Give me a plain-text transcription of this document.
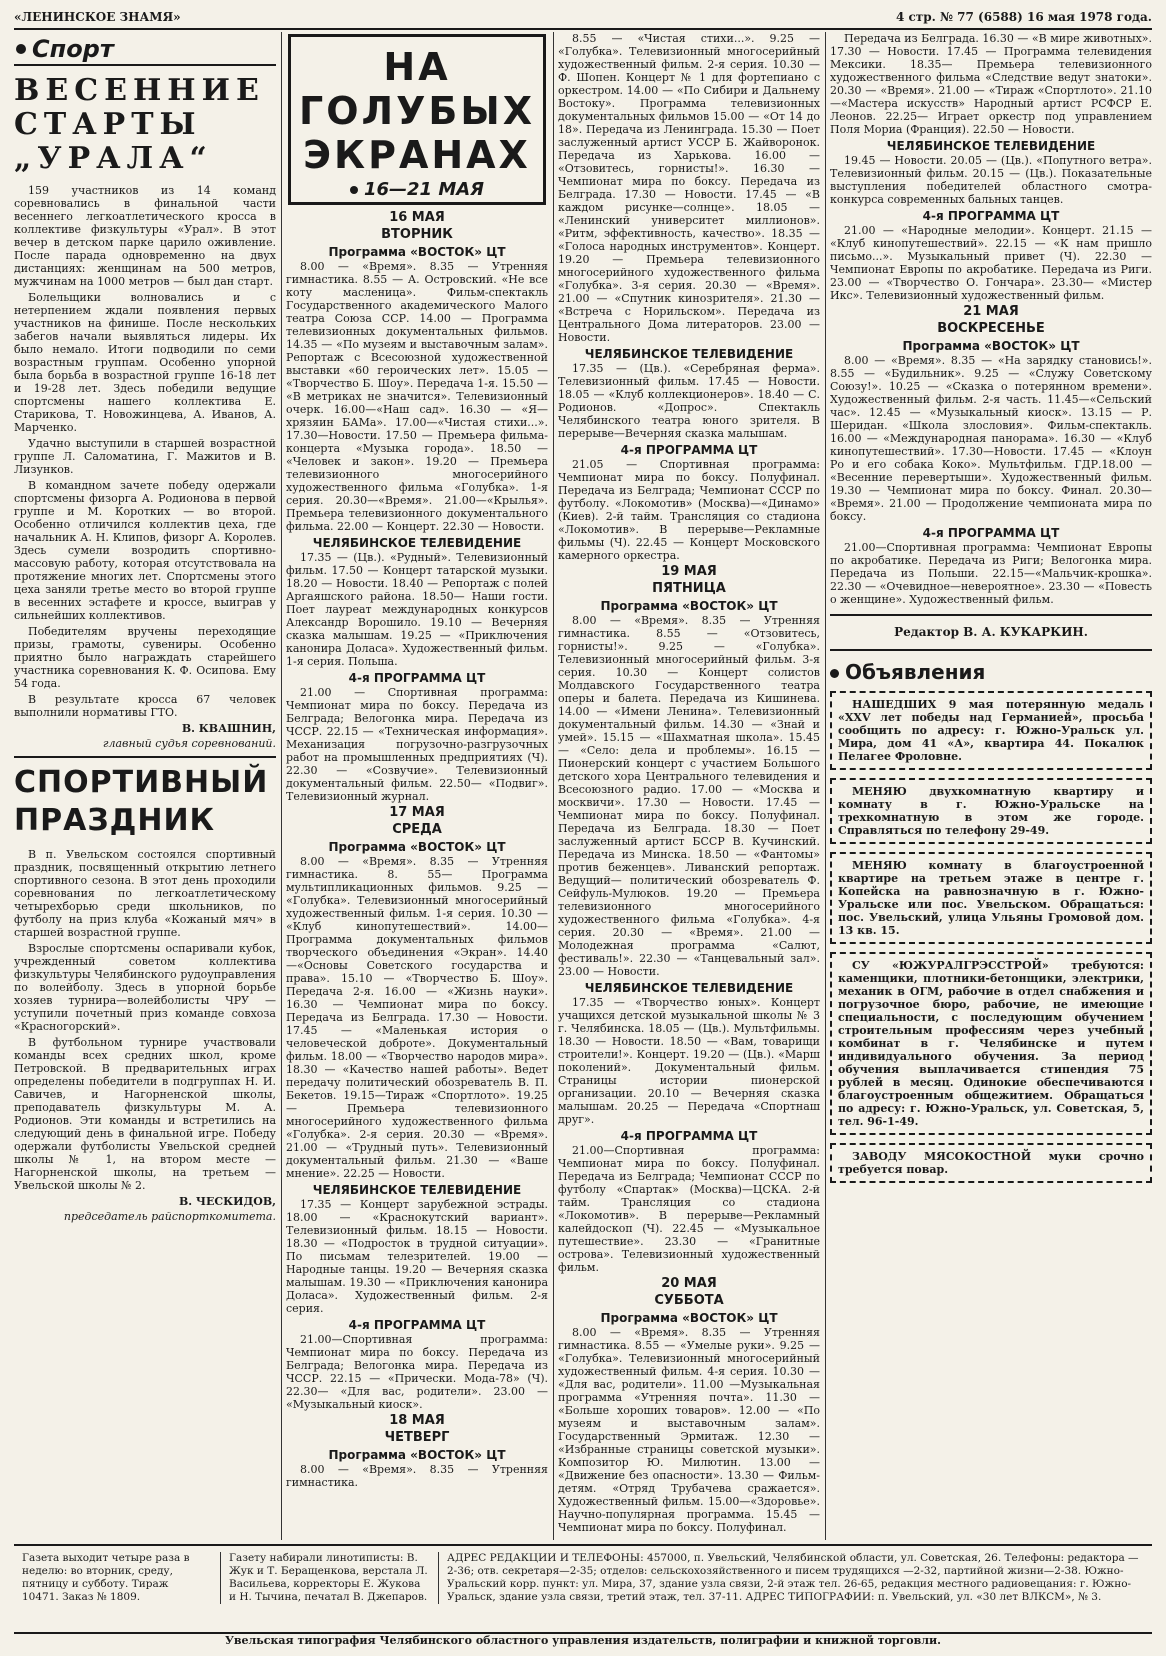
«ЛЕНИНСКОЕ ЗНАМЯ»	4 стр. № 77 (6588) 16 мая 1978 года.
Спорт
ВЕСЕННИЕ СТАРТЫ „УРАЛА“

159 участников из 14 команд соревновались в финальной части весеннего легкоатлетического кросса в коллективе физкультуры «Урал». В этот вечер в детском парке царило оживление. После парада одновременно на двух дистанциях: женщинам на 500 метров, мужчинам на 1000 метров — был дан старт.

Болельщики волновались и с нетерпением ждали появления первых участников на финише. После нескольких забегов начали выявляться лидеры. Их было немало. Итоги подводили по семи возрастным группам. Особенно упорной была борьба в возрастной группе 16-18 лет и 19-28 лет. Здесь победили ведущие спортсмены нашего коллектива Е. Стариковa, Т. Новожинцева, А. Иванов, А. Марченко.

Удачно выступили в старшей возрастной группе Л. Саломатина, Г. Мажитов и В. Лизунков.

В командном зачете победу одержали спортсмены физорга А. Родионова в первой группе и М. Коротких — во второй. Особенно отличился коллектив цеха, где начальник А. Н. Клипов, физорг А. Королев. Здесь сумели возродить спортивно-массовую работу, которая отсутствовала на протяжение многих лет. Спортсмены этого цеха заняли третье место во второй группе в весенних эстафете и кроссе, выиграв у сильнейших коллективов.

Победителям вручены переходящие призы, грамоты, сувениры. Особенно приятно было награждать старейшего участника соревнования К. Ф. Осипова. Ему 54 года.

В результате кросса 67 человек выполнили нормативы ГТО.

В. КВАШНИН,
главный судья соревнований.
СПОРТИВНЫЙ ПРАЗДНИК

В п. Увельском состоялся спортивный праздник, посвященный открытию летнего спортивного сезона. В этот день проходили соревнования по легкоатлетическому четырехборью среди школьников, по футболу на приз клуба «Кожаный мяч» в старшей возрастной группе.

Взрослые спортсмены оспаривали кубок, учрежденный советом коллектива физкультуры Челябинского рудоуправления по волейболу. Здесь в упорной борьбе хозяев турнира—волейболисты ЧРУ — уступили почетный приз команде совхоза «Красногорский».

В футбольном турнире участвовали команды всех средних школ, кроме Петровской. В предварительных играх определены победители в подгруппах Н. И. Савичев, и Нагорненской школы, преподаватель физкультуры М. А. Родионов. Эти команды и встретились на следующий день в финальной игре. Победу одержали футболисты Увельской средней школы № 1, на втором месте — Нагорненской школы, на третьем — Увельской школы № 2.

В. ЧЕСКИДОВ,
председатель райспорткомитета.
НА
ГОЛУБЫХ
ЭКРАНАХ
16—21 МАЯ
16 МАЯ
ВТОРНИК
Программа «ВОСТОК» ЦТ

8.00 — «Время». 8.35 — Утренняя гимнастика. 8.55 — А. Островский. «Не все коту масленица». Фильм-спектакль Государственного академического Малого театра Союза ССР. 14.00 — Программа телевизионных документальных фильмов. 14.35 — «По музеям и выставочным залам». Репортаж с Всесоюзной художественной выставки «60 героических лет». 15.05 — «Творчество Б. Шоу». Передача 1-я. 15.50 — «В метриках не значится». Телевизионный очерк. 16.00—«Наш сад». 16.30 — «Я—хрязяин БАМа». 17.00—«Чистая стихи...». 17.30—Новости. 17.50 — Премьера фильма-концерта «Музыка города». 18.50 — «Человек и закон». 19.20 — Премьера телевизионного многосерийного художественного фильма «Голубка». 1-я серия. 20.30—«Время». 21.00—«Крылья». Премьера телевизионного документального фильма. 22.00 — Концерт. 22.30 — Новости.

ЧЕЛЯБИНСКОЕ ТЕЛЕВИДЕНИЕ

17.35 — (Цв.). «Рудный». Телевизионный фильм. 17.50 — Концерт татарской музыки. 18.20 — Новости. 18.40 — Репортаж с полей Аргаяшского района. 18.50— Наши гости. Поет лауреат международных конкурсов Александр Ворошило. 19.10 — Вечерняя сказка малышам. 19.25 — «Приключения канонира Доласа». Художественный фильм. 1-я серия. Польша.

4-я ПРОГРАММА ЦТ

21.00 — Спортивная программа: Чемпионат мира по боксу. Передача из Белграда; Велогонка мира. Передача из ЧССР. 22.15 — «Техническая информация». Механизация погрузочно-разгрузочных работ на промышленных предприятиях (Ч). 22.30 — «Созвучие». Телевизионный документальный фильм. 22.50— «Подвиг». Телевизионный журнал.

17 МАЯ
СРЕДА
Программа «ВОСТОК» ЦТ

8.00 — «Время». 8.35 — Утренняя гимнастика. 8. 55— Программа мультипликационных фильмов. 9.25 — «Голубка». Телевизионный многосерийный художественный фильм. 1-я серия. 10.30 — «Клуб кинопутешествий». 14.00—Программа документальных фильмов творческого объединения «Экран». 14.40—«Основы Советского государства и права». 15.10 — «Творчество Б. Шоу». Передача 2-я. 16.00 — «Жизнь науки». 16.30 — Чемпионат мира по боксу. Передача из Белграда. 17.30 — Новости. 17.45 — «Маленькая история о человеческой доброте». Документальный фильм. 18.00 — «Творчество народов мира». 18.30 — «Качество нашей работы». Ведет передачу политический обозреватель В. П. Бекетов. 19.15—Тираж «Спортлото». 19.25 — Премьера телевизионного многосерийного художественного фильма «Голубка». 2-я серия. 20.30 — «Время». 21.00 — «Трудный путь». Телевизионный документальный фильм. 21.30 — «Ваше мнение». 22.25 — Новости.

ЧЕЛЯБИНСКОЕ ТЕЛЕВИДЕНИЕ

17.35 — Концерт зарубежной эстрады. 18.00 — «Краснокутский вариант». Телевизионный фильм. 18.15 — Новости. 18.30 — «Подросток в трудной ситуации». По письмам телезрителей. 19.00 — Народные танцы. 19.20 — Вечерняя сказка малышам. 19.30 — «Приключения канонира Доласа». Художественный фильм. 2-я серия.

4-я ПРОГРАММА ЦТ

21.00—Спортивная программа: Чемпионат мира по боксу. Передача из Белграда; Велогонка мира. Передача из ЧССР. 22.15 — «Прически. Мода-78» (Ч). 22.30— «Для вас, родители». 23.00 — «Музыкальный киоск».

18 МАЯ
ЧЕТВЕРГ
Программа «ВОСТОК» ЦТ

8.00 — «Время». 8.35 — Утренняя гимнастика.

8.55 — «Чистая стихи...». 9.25 — «Голубка». Телевизионный многосерийный художественный фильм. 2-я серия. 10.30 —Ф. Шопен. Концерт № 1 для фортепиано с оркестром. 14.00 — «По Сибири и Дальнему Востоку». Программа телевизионных документальных фильмов 15.00 — «От 14 до 18». Передача из Ленинграда. 15.30 — Поет заслуженный артист УССР Б. Жайворонок. Передача из Харькова. 16.00 — «Отзовитесь, горнисты!». 16.30 — Чемпионат мира по боксу. Передача из Белграда. 17.30 — Новости. 17.45 — «В каждом рисунке—солнце». 18.05 — «Ленинский университет миллионов». «Ритм, эффективность, качество». 18.35 — «Голоса народных инструментов». Концерт. 19.20 — Премьера телевизионного многосерийного художественного фильма «Голубка». 3-я серия. 20.30 — «Время». 21.00 — «Спутник кинозрителя». 21.30 — «Встреча с Норильском». Передача из Центрального Дома литераторов. 23.00 — Новости.

ЧЕЛЯБИНСКОЕ ТЕЛЕВИДЕНИЕ

17.35 — (Цв.). «Серебряная ферма». Телевизионный фильм. 17.45 — Новости. 18.05 — «Клуб коллекционеров». 18.40 — С. Родионов. «Допрос». Спектакль Челябинского театра юного зрителя. В перерыве—Вечерняя сказка малышам.

4-я ПРОГРАММА ЦТ

21.05 — Спортивная программа: Чемпионат мира по боксу. Полуфинал. Передача из Белграда; Чемпионат СССР по футболу. «Локомотив» (Москва)—«Динамо» (Киев). 2-й тайм. Трансляция со стадиона «Локомотив». В перерыве—Рекламные фильмы (Ч). 22.45 — Концерт Московского камерного оркестра.

19 МАЯ
ПЯТНИЦА
Программа «ВОСТОК» ЦТ

8.00 — «Время». 8.35 — Утренняя гимнастика. 8.55 — «Отзовитесь, горнисты!». 9.25 — «Голубка». Телевизионный многосерийный фильм. 3-я серия. 10.30 — Концерт солистов Молдавского Государственного театра оперы и балета. Передача из Кишинева. 14.00 — «Имени Ленина». Телевизионный документальный фильм. 14.30 — «Знай и умей». 15.15 — «Шахматная школа». 15.45 — «Село: дела и проблемы». 16.15 — Пионерский концерт с участием Большого детского хора Центрального телевидения и Всесоюзного радио. 17.00 — «Москва и москвичи». 17.30 — Новости. 17.45 — Чемпионат мира по боксу. Полуфинал. Передача из Белграда. 18.30 — Поет заслуженный артист БССР В. Кучинский. Передача из Минска. 18.50 — «Фантомы» против беженцев». Ливанский репортаж. Ведущий— политический обозреватель Ф. Сейфуль-Мулюков. 19.20 — Премьера телевизионного многосерийного художественного фильма «Голубка». 4-я серия. 20.30 — «Время». 21.00 — Молодежная программа «Салют, фестиваль!». 22.30 — «Танцевальный зал». 23.00 — Новости.

ЧЕЛЯБИНСКОЕ ТЕЛЕВИДЕНИЕ

17.35 — «Творчество юных». Концерт учащихся детской музыкальной школы № 3 г. Челябинска. 18.05 — (Цв.). Мультфильмы. 18.30 — Новости. 18.50 — «Вам, товарищи строители!». Концерт. 19.20 — (Цв.). «Марш поколений». Документальный фильм. Страницы истории пионерской организации. 20.10 — Вечерняя сказка малышам. 20.25 — Передача «Спортнаш друг».

4-я ПРОГРАММА ЦТ

21.00—Спортивная программа: Чемпионат мира по боксу. Полуфинал. Передача из Белграда; Чемпионат СССР по футболу «Спартак» (Москва)—ЦСКА. 2-й тайм. Трансляция со стадиона «Локомотив». В перерыве—Рекламный калейдоскоп (Ч). 22.45 — «Музыкальное путешествие». 23.30 — «Гранитные острова». Телевизионный художественный фильм.

20 МАЯ
СУББОТА
Программа «ВОСТОК» ЦТ

8.00 — «Время». 8.35 — Утренняя гимнастика. 8.55 — «Умелые руки». 9.25 — «Голубка». Телевизионный многосерийный художественный фильм. 4-я серия. 10.30 — «Для вас, родители». 11.00 —Музыкальная программа «Утренняя почта». 11.30 — «Больше хороших товаров». 12.00 — «По музеям и выставочным залам». Государственный Эрмитаж. 12.30 — «Избранные страницы советской музыки». Композитор Ю. Милютин. 13.00 — «Движение без опасности». 13.30 — Фильм-детям. «Отряд Трубачева сражается». Художественный фильм. 15.00—«Здоровье». Научно-популярная программа. 15.45 — Чемпионат мира по боксу. Полуфинал.

Передача из Белграда. 16.30 — «В мире животных». 17.30 — Новости. 17.45 — Программа телевидения Мексики. 18.35— Премьера телевизионного художественного фильма «Следствие ведут знатоки». 20.30 — «Время». 21.00 — «Тираж «Спортлото». 21.10—«Мастера искусств» Народный артист РСФСР Е. Леонов. 22.25— Играет оркестр под управлением Поля Мориа (Франция). 22.50 — Новости.

ЧЕЛЯБИНСКОЕ ТЕЛЕВИДЕНИЕ

19.45 — Новости. 20.05 — (Цв.). «Попутного ветра». Телевизионный фильм. 20.15 — (Цв.). Показательные выступления победителей областного смотра-конкурса современных бальных танцев.

4-я ПРОГРАММА ЦТ

21.00 — «Народные мелодии». Концерт. 21.15 — «Клуб кинопутешествий». 22.15 — «К нам пришло письмо...». Музыкальный привет (Ч). 22.30 — Чемпионат Европы по акробатике. Передача из Риги. 23.00 — «Творчество О. Гончара». 23.30— «Мистер Икс». Телевизионный художественный фильм.

21 МАЯ
ВОСКРЕСЕНЬЕ
Программа «ВОСТОК» ЦТ

8.00 — «Время». 8.35 — «На зарядку становись!». 8.55 — «Будильник». 9.25 — «Служу Советскому Союзу!». 10.25 — «Сказка о потерянном времени». Художественный фильм. 2-я часть. 11.45—«Сельский час». 12.45 — «Музыкальный киоск». 13.15 — Р. Шеридан. «Школа злословия». Фильм-спектакль. 16.00 — «Международная панорама». 16.30 — «Клуб кинопутешествий». 17.30—Новости. 17.45 — «Клоун Ро и его собака Коко». Мультфильм. ГДР.18.00 — «Весенние перевертыши». Художественный фильм. 19.30 — Чемпионат мира по боксу. Финал. 20.30— «Время». 21.00 — Продолжение чемпионата мира по боксу.

4-я ПРОГРАММА ЦТ

21.00—Спортивная программа: Чемпионат Европы по акробатике. Передача из Риги; Велогонка мира. Передача из Польши. 22.15—«Мальчик-крошка». 22.30 — «Очевидное—невероятное». 23.30 — «Повесть о женщине». Художественный фильм.

Редактор В. А. КУКАРКИН.
Объявления

НАШЕДШИХ 9 мая потерянную медаль «XXV лет победы над Германией», просьба сообщить по адресу: г. Южно-Уральск ул. Мира, дом 41 «А», квартира 44. Покалюк Пелагее Фроловне.

МЕНЯЮ двухкомнатную квартиру и комнату в г. Южно-Уральске на трехкомнатную в этом же городе. Справляться по телефону 29-49.

МЕНЯЮ комнату в благоустроенной квартире на третьем этаже в центре г. Копейска на равнозначную в г. Южно-Уральске или пос. Увельском. Обращаться: пос. Увельский, улица Ульяны Громовой дом. 13 кв. 15.

СУ «ЮЖУРАЛГРЭССТРОЙ» требуются: каменщики, плотники-бетонщики, электрики, механик в ОГМ, рабочие в отдел снабжения и погрузочное бюро, рабочие, не имеющие специальности, с последующим обучением строительным профессиям через учебный комбинат в г. Челябинске и путем индивидуального обучения. За период обучения выплачивается стипендия 75 рублей в месяц. Одинокие обеспечиваются благоустроенным общежитием. Обращаться по адресу: г. Южно-Уральск, ул. Советская, 5, тел. 96-1-49.

ЗАВОДУ МЯСОКОСТНОЙ муки срочно требуется повар.

Газета выходит четыре раза в неделю: во вторник, среду, пятницу и субботу. Тираж 10471. Заказ № 1809.
Газету набирали линотиписты: В. Жук и Т. Беращенкова, верстала Л. Васильева, корректоры Е. Жукова и Н. Тычина, печатал В. Джепаров.
АДРЕС РЕДАКЦИИ И ТЕЛЕФОНЫ: 457000, п. Увельский, Челябинской области, ул. Советская, 26. Телефоны: редактора — 2-36; отв. секретаря—2-35; отделов: сельскохозяйственного и писем трудящихся —2-32, партийной жизни—2-38. Южно-Уральский корр. пункт: ул. Мира, 37, здание узла связи, 2-й этаж тел. 26-65, редакция местного радиовещания: г. Южно-Уральск, здание узла связи, третий этаж, тел. 37-11. АДРЕС ТИПОГРАФИИ: п. Увельский, ул. «30 лет ВЛКСМ», № 3.
Увельская типография Челябинского областного управления издательств, полиграфии и книжной торговли.
